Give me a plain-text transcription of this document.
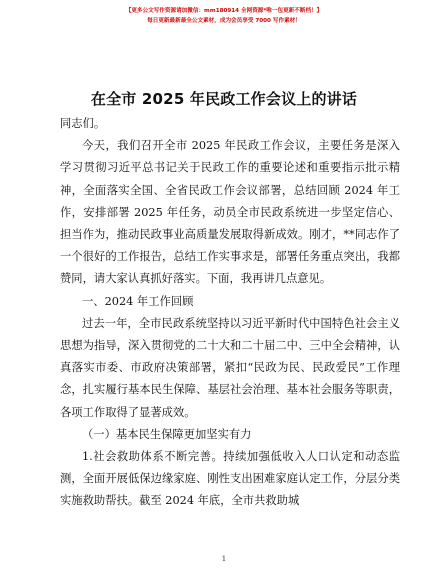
【更多公文写作资源请加微信：mm180914 全网资源*唯一包更新不断档！】
每日更新最新最全公文素材，成为会员享受 7000 写作素材！
在全市 2025 年民政工作会议上的讲话

同志们。

今天，我们召开全市 2025 年民政工作会议，主要任务是深入学习贯彻习近平总书记关于民政工作的重要论述和重要指示批示精神，全面落实全国、全省民政工作会议部署，总结回顾 2024 年工作，安排部署 2025 年任务，动员全市民政系统进一步坚定信心、担当作为，推动民政事业高质量发展取得新成效。刚才，**同志作了一个很好的工作报告，总结工作实事求是，部署任务重点突出，我都赞同，请大家认真抓好落实。下面，我再讲几点意见。

一、2024 年工作回顾

过去一年，全市民政系统坚持以习近平新时代中国特色社会主义思想为指导，深入贯彻党的二十大和二十届二中、三中全会精神，认真落实市委、市政府决策部署，紧扣“民政为民、民政爱民”工作理念，扎实履行基本民生保障、基层社会治理、基本社会服务等职责，各项工作取得了显著成效。

（一）基本民生保障更加坚实有力

1.社会救助体系不断完善。持续加强低收入人口认定和动态监测，全面开展低保边缘家庭、刚性支出困难家庭认定工作，分层分类实施救助帮扶。截至 2024 年底，全市共救助城

1
